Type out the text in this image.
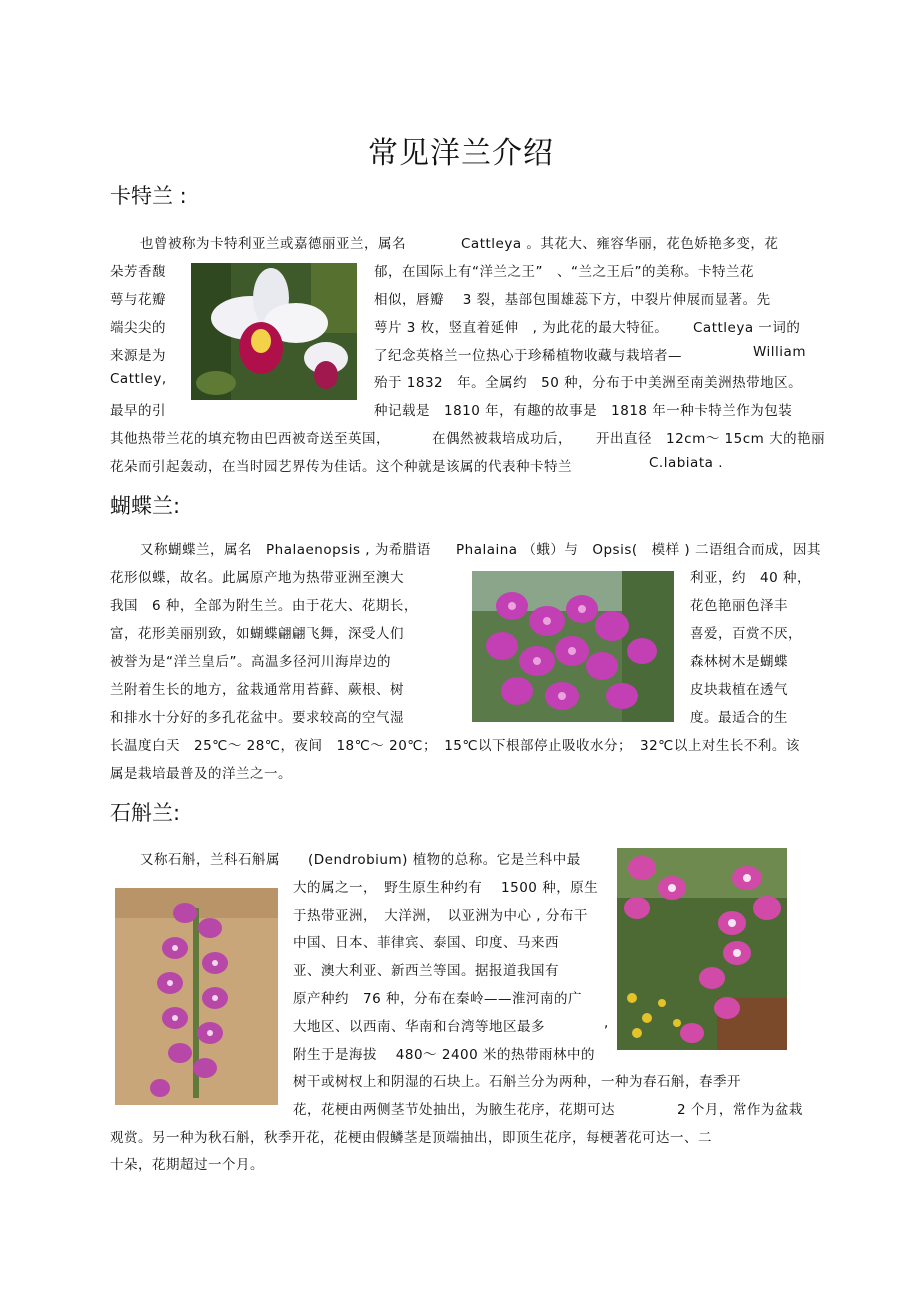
常见洋兰介绍
卡特兰 :
也曾被称为卡特利亚兰或嘉德丽亚兰，属名	Cattleya 。其花大、雍容华丽，花色娇艳多变，花
朵芳香馥	郁，在国际上有“洋兰之王”　、“兰之王后”的美称。卡特兰花
萼与花瓣	相似，唇瓣　 3 裂，基部包围雄蕊下方，中裂片伸展而显著。先
端尖尖的	萼片 3 枚，竖直着延伸　, 为此花的最大特征。 Cattleya 一词的
来源是为	了纪念英格兰一位热心于珍稀植物收藏与栽培者—	William
Cattley,	殆于 1832　年。全属约　50 种，分布于中美洲至南美洲热带地区。
最早的引	种记载是　1810 年，有趣的故事是　1818 年一种卡特兰作为包装
其他热带兰花的填充物由巴西被奇送至英国，	在偶然被栽培成功后， 开出直径　12cm～ 15cm 大的艳丽
花朵而引起轰动，在当时园艺界传为佳话。这个种就是该属的代表种卡特兰	C.labiata .
蝴蝶兰:
又称蝴蝶兰，属名　Phalaenopsis , 为希腊语 Phalaina （蛾）与　Opsis(　模样 ) 二语组合而成，因其
花形似蝶，故名。此属原产地为热带亚洲至澳大	利亚，约　40 种，
我国　6 种，全部为附生兰。由于花大、花期长，	花色艳丽色泽丰
富，花形美丽别致，如蝴蝶翩翩飞舞，深受人们	喜爱，百赏不厌，
被誉为是“洋兰皇后”。高温多径河川海岸边的	森林树木是蝴蝶
兰附着生长的地方，盆栽通常用苔藓、蕨根、树	皮块栽植在透气
和排水十分好的多孔花盆中。要求较高的空气湿	度。最适合的生
长温度白天　25℃～ 28℃，夜间　18℃～ 20℃；　15℃以下根部停止吸收水分； 32℃以上对生长不利。该
属是栽培最普及的洋兰之一。
石斛兰:
又称石斛，兰科石斛属 (Dendrobium) 植物的总称。它是兰科中最
大的属之一，　野生原生种约有　 1500 种，原生
于热带亚洲，　大洋洲，　以亚洲为中心 , 分布干
中国、日本、菲律宾、泰国、印度、马来西
亚、澳大利亚、新西兰等国。据报道我国有
原产种约　76 种，分布在秦岭——淮河南的广
大地区、以西南、华南和台湾等地区最多	,
附生于是海拔　 480～ 2400 米的热带雨林中的
树干或树杈上和阴湿的石块上。石斛兰分为两种，一种为春石斛，春季开
花，花梗由两侧茎节处抽出，为腋生花序，花期可达	2 个月，常作为盆栽
观赏。另一种为秋石斛，秋季开花，花梗由假鳞茎是顶端抽出，即顶生花序，每梗著花可达一、二
十朵，花期超过一个月。
